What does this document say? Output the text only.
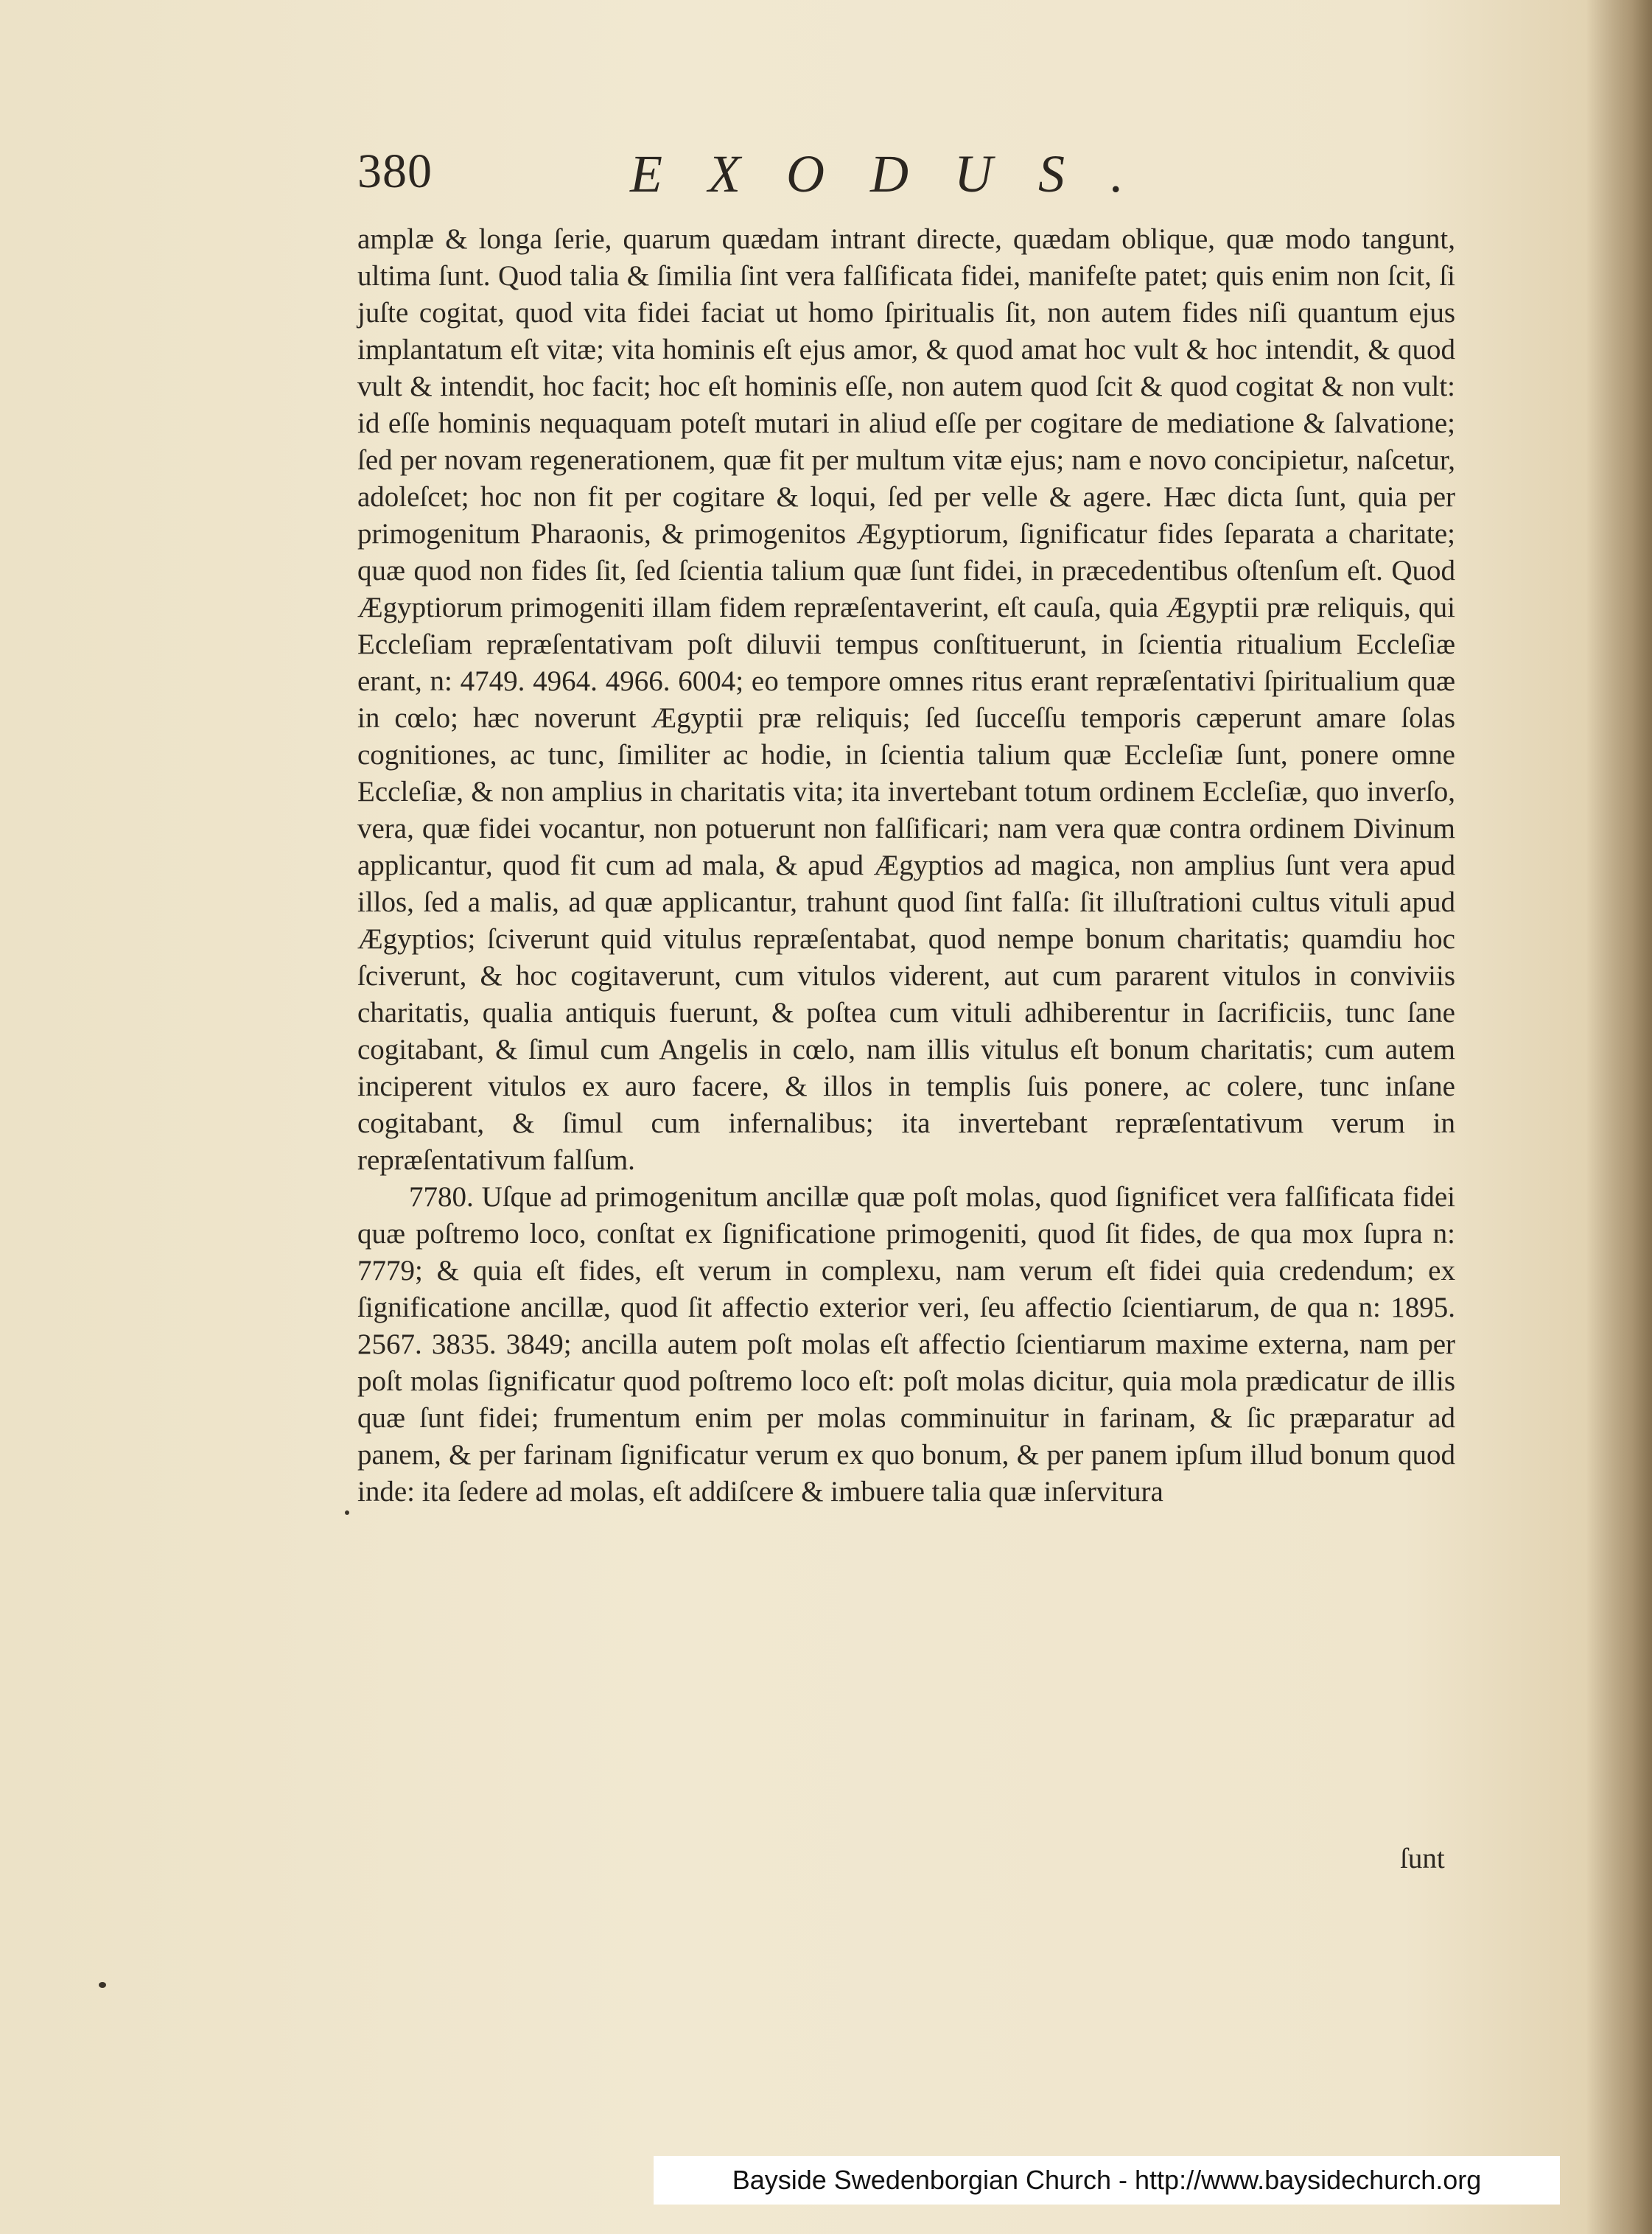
380	EXODUS.

amplæ & longa ſerie, quarum quædam intrant directe, quædam oblique, quæ modo tangunt, ultima ſunt. Quod talia & ſimilia ſint vera falſificata fidei, manifeſte patet; quis enim non ſcit, ſi juſte cogitat, quod vita fidei faciat ut homo ſpiritualis ſit, non autem fides niſi quantum ejus implantatum eſt vitæ; vita hominis eſt ejus amor, & quod amat hoc vult & hoc intendit, & quod vult & intendit, hoc facit; hoc eſt hominis eſſe, non autem quod ſcit & quod cogitat & non vult: id eſſe hominis nequaquam poteſt mutari in aliud eſſe per cogitare de mediatione & ſalvatione; ſed per novam regenerationem, quæ fit per multum vitæ ejus; nam e novo concipietur, naſcetur, adoleſcet; hoc non fit per cogitare & loqui, ſed per velle & agere. Hæc dicta ſunt, quia per primogenitum Pharaonis, & primogenitos Ægyptiorum, ſignificatur fides ſeparata a charitate; quæ quod non fides ſit, ſed ſcientia talium quæ ſunt fidei, in præcedentibus oſtenſum eſt. Quod Ægyptiorum primogeniti illam fidem repræſentaverint, eſt cauſa, quia Ægyptii præ reliquis, qui Eccleſiam repræſentativam poſt diluvii tempus conſtituerunt, in ſcientia ritualium Eccleſiæ erant, n: 4749. 4964. 4966. 6004; eo tempore omnes ritus erant repræſentativi ſpiritualium quæ in cœlo; hæc noverunt Ægyptii præ reliquis; ſed ſucceſſu temporis cæperunt amare ſolas cognitiones, ac tunc, ſimiliter ac hodie, in ſcientia talium quæ Eccleſiæ ſunt, ponere omne Eccleſiæ, & non amplius in charitatis vita; ita invertebant totum ordinem Eccleſiæ, quo inverſo, vera, quæ fidei vocantur, non potuerunt non falſificari; nam vera quæ contra ordinem Divinum applicantur, quod fit cum ad mala, & apud Ægyptios ad magica, non amplius ſunt vera apud illos, ſed a malis, ad quæ applicantur, trahunt quod ſint falſa: ſit illuſtrationi cultus vituli apud Ægyptios; ſciverunt quid vitulus repræſentabat, quod nempe bonum charitatis; quamdiu hoc ſciverunt, & hoc cogitaverunt, cum vitulos viderent, aut cum pararent vitulos in conviviis charitatis, qualia antiquis fuerunt, & poſtea cum vituli adhiberentur in ſacrificiis, tunc ſane cogitabant, & ſimul cum Angelis in cœlo, nam illis vitulus eſt bonum charitatis; cum autem inciperent vitulos ex auro facere, & illos in templis ſuis ponere, ac colere, tunc inſane cogitabant, & ſimul cum infernalibus; ita invertebant repræſentativum verum in repræſentativum falſum.

7780. Uſque ad primogenitum ancillæ quæ poſt molas, quod ſignificet vera falſificata fidei quæ poſtremo loco, conſtat ex ſignificatione primogeniti, quod ſit fides, de qua mox ſupra n: 7779; & quia eſt fides, eſt verum in complexu, nam verum eſt fidei quia credendum; ex ſignificatione ancillæ, quod ſit affectio exterior veri, ſeu affectio ſcientiarum, de qua n: 1895. 2567. 3835. 3849; ancilla autem poſt molas eſt affectio ſcientiarum maxime externa, nam per poſt molas ſignificatur quod poſtremo loco eſt: poſt molas dicitur, quia mola prædicatur de illis quæ ſunt fidei; frumentum enim per molas comminuitur in farinam, & ſic præparatur ad panem, & per farinam ſignificatur verum ex quo bonum, & per panem ipſum illud bonum quod inde: ita ſedere ad molas, eſt addiſcere & imbuere talia quæ inſervitura

ſunt
Bayside Swedenborgian Church - http://www.baysidechurch.org
